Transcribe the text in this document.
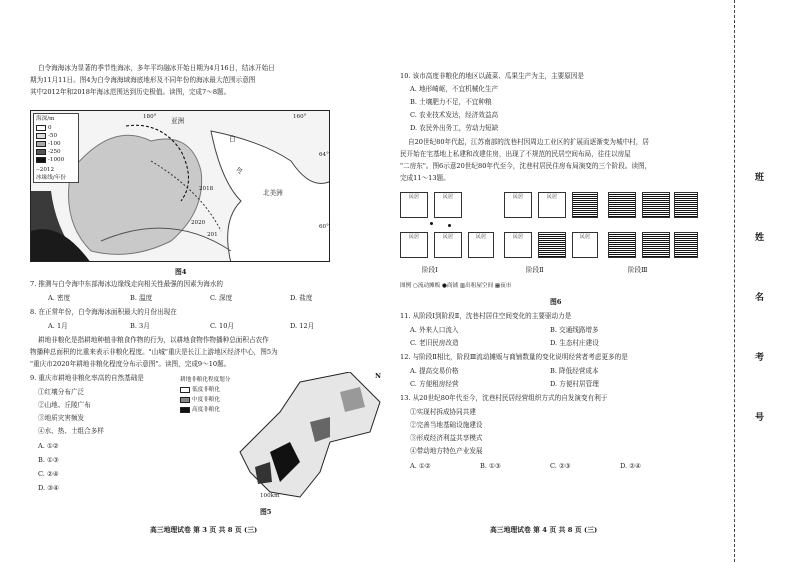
白令海海冰为显著的季节性海冰，多年平均融冰开始日期为4月16日，结冰开始日
期为11月11日。图4为白令海海域海底地形及不同年份的海冰最大范围示意图
其中2012年和2018年海冰范围达到历史极值。读图，完成7～8题。
180°	160°
64°
60°
亚洲
白
令
北美洲
2018
2020
201
海深/m
0
-50
-100
-250
-1000
--2012
冰缘线/年份
图4
7. 推测与白令海中东部海冰边缘线走向相关性最强的因素为海水的
A. 密度	B. 温度	C. 深度	D. 盐度
8. 在正常年份，白令海海冰面积最大的月份出现在
A. 1月	B. 3月	C. 10月	D. 12月
耕地非粮化是指耕地种植非粮食作物的行为，以耕地食物作物播种总面积占农作
物播种总面积的比重来表示非粮化程度。"山城"重庆是长江上游地区经济中心，图5为
"重庆市2020年耕地非粮化程度分布示意图"。读图，完成9～10题。
9. 重庆市耕地非粮化率高的自然基础是
①红壤分布广泛
②山地、丘陵广布
③地质灾害频发
④水、热、土组合多样
A. ①②
B. ①③
C. ②④
D. ③④
耕地非粮化程度划分
低度非粮化
中度非粮化
高度非粮化
N
100km
图5
高三地理试卷 第 3 页 共 8 页 (三)
10. 该市高度非粮化的地区以蔬菜、瓜果生产为主，主要原因是
A. 地形崎岖，不宜机械化生产
B. 土壤肥力不足，不宜种粮
C. 农业技术发达，经济效益高
D. 农民外出务工，劳动力短缺
自20世纪80年代起，江苏南部的沈巷村因周边工业区的扩展而逐渐变为城中村，居
民开始在宅基地上私建和改建住房，出现了不规范的民居空间布局，往往以房屋
"二房东"。图6示意20世纪80年代至今，沈巷村居民住房布局演变的三个阶段。读图，
完成11～13题。
民居	民居
民居	民居	民居
阶段Ⅰ
民居	民居
民居	民居
阶段Ⅱ	阶段Ⅲ
图例 ○流动摊贩 ●商铺 ▥出租屋空间 ▦夜市
图6
11. 从阶段Ⅰ到阶段Ⅱ，沈巷村居住空间变化的主要驱动力是
A. 外来人口流入	B. 交通线路增多
C. 老旧民房改造	D. 生态村庄建设
12. 与阶段Ⅱ相比，阶段Ⅲ流动摊贩与商铺数量的变化说明经营者考虑更多的是
A. 提高交易价格	B. 降低经营成本
C. 方便租房经营	D. 方便村居管理
13. 从20世纪80年代至今，沈巷村民居经营组织方式的自发演变有利于
①实现村拆成协同共建
②完善当地基础设施建设
③形成经济利益共享模式
④带动地方特色产业发展
A. ①②	B. ①③	C. ②③	D. ②④
高三地理试卷 第 4 页 共 8 页 (三)
班
姓
名
考
号
